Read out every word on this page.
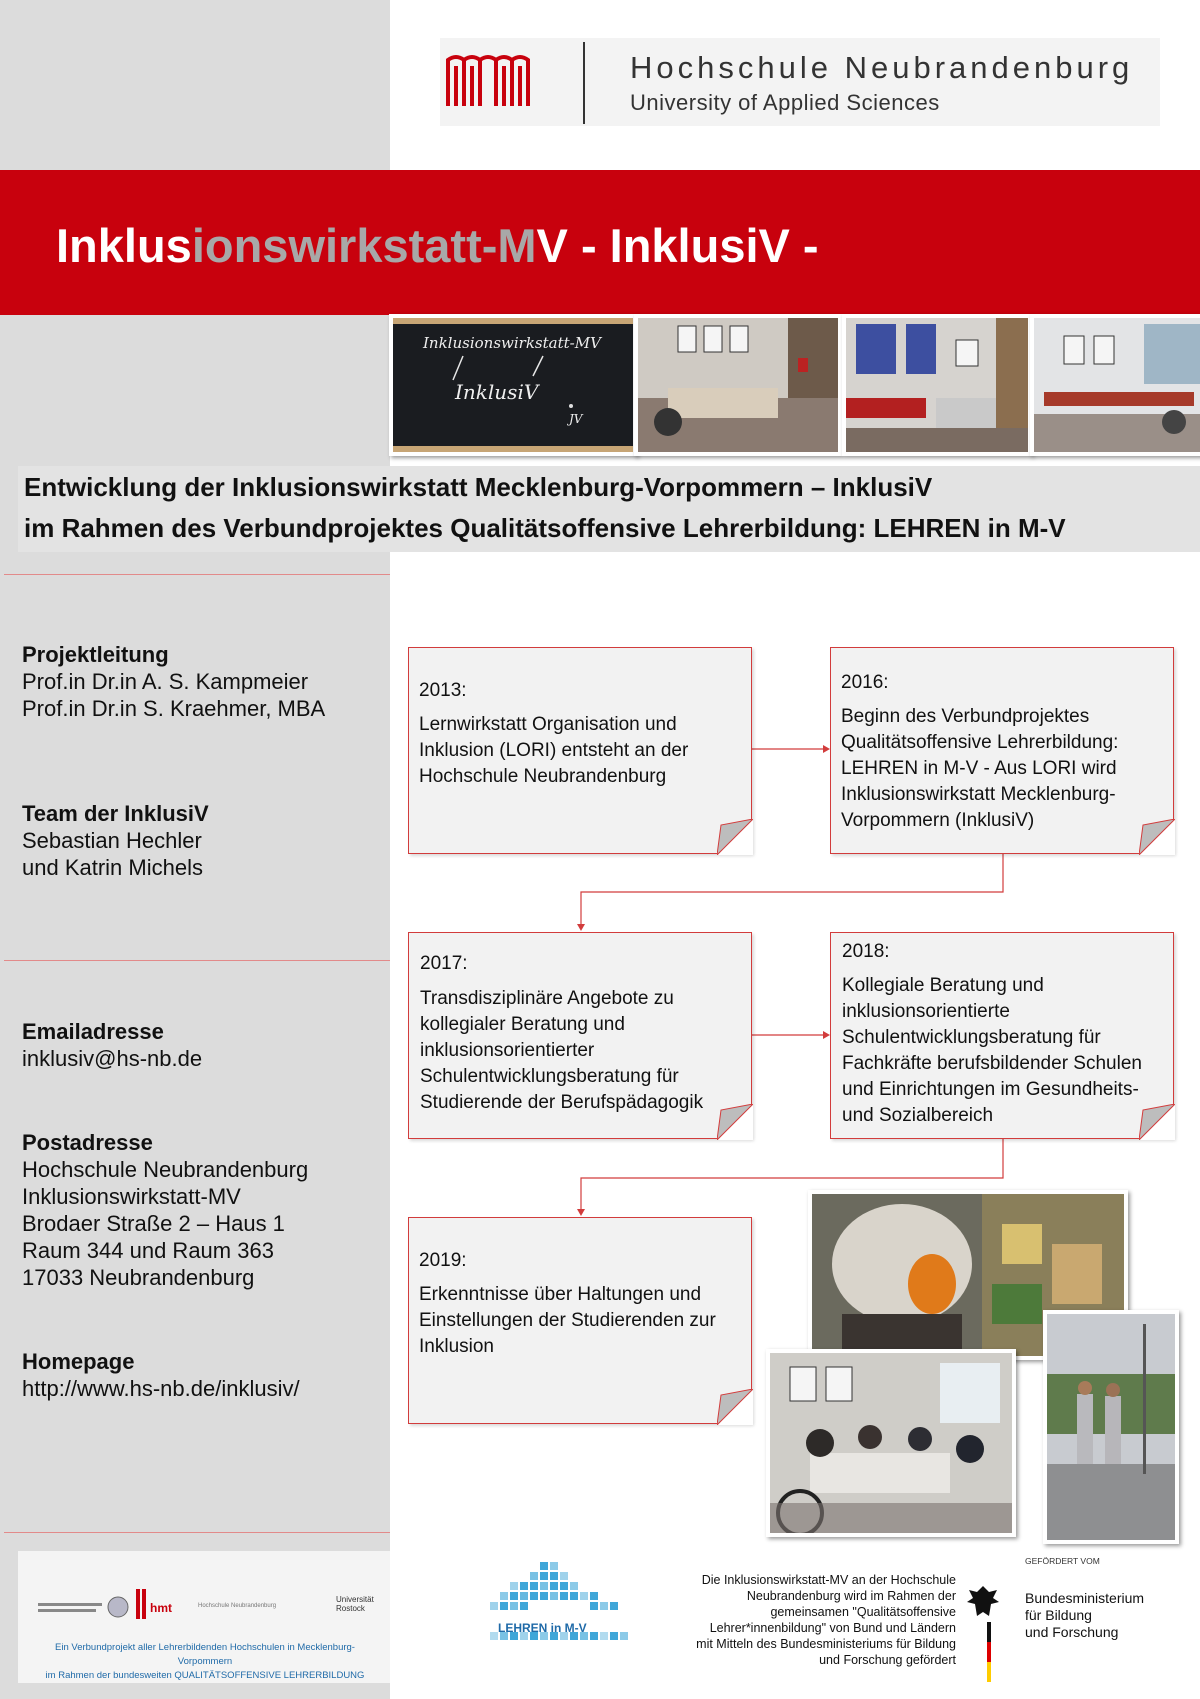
Hochschule Neubrandenburg
University of Applied Sciences
Inklusionswirkstatt-MV - InklusiV -
Inklusionswirkstatt-MV
InklusiV
JV
Entwicklung der Inklusionswirkstatt Mecklenburg-Vorpommern – InklusiV
im Rahmen des Verbundprojektes Qualitätsoffensive Lehrerbildung: LEHREN in M-V
Projektleitung
Prof.in Dr.in A. S. Kampmeier
Prof.in Dr.in S. Kraehmer, MBA
Team der InklusiV
Sebastian Hechler
und Katrin Michels
Emailadresse
inklusiv@hs-nb.de
Postadresse
Hochschule Neubrandenburg
Inklusionswirkstatt-MV
Brodaer Straße 2 – Haus 1
Raum 344 und Raum 363
17033 Neubrandenburg
Homepage
http://www.hs-nb.de/inklusiv/
2013:
Lernwirkstatt Organisation und
Inklusion (LORI) entsteht an der
Hochschule Neubrandenburg
2016:
Beginn des Verbundprojektes
Qualitätsoffensive Lehrerbildung:
LEHREN in M-V - Aus LORI wird
Inklusionswirkstatt Mecklenburg-
Vorpommern (InklusiV)
2017:
Transdisziplinäre Angebote zu
kollegialer Beratung und
inklusionsorientierter
Schulentwicklungsberatung für
Studierende der Berufspädagogik
2018:
Kollegiale Beratung und
inklusionsorientierte
Schulentwicklungsberatung für
Fachkräfte berufsbildender Schulen
und Einrichtungen im Gesundheits-
und Sozialbereich
2019:
Erkenntnisse über Haltungen und
Einstellungen der Studierenden zur
Inklusion
hmt	Hochschule Neubrandenburg
Universität Rostock
Ein Verbundprojekt aller Lehrerbildenden Hochschulen in Mecklenburg-Vorpommern
im Rahmen der bundesweiten QUALITÄTSOFFENSIVE LEHRERBILDUNG
LEHREN in M-V
Die Inklusionswirkstatt-MV an der Hochschule
Neubrandenburg wird im Rahmen der
gemeinsamen "Qualitätsoffensive
Lehrer*innenbildung" von Bund und Ländern
mit Mitteln des Bundesministeriums für Bildung
und Forschung gefördert
GEFÖRDERT VOM
Bundesministerium
für Bildung
und Forschung
